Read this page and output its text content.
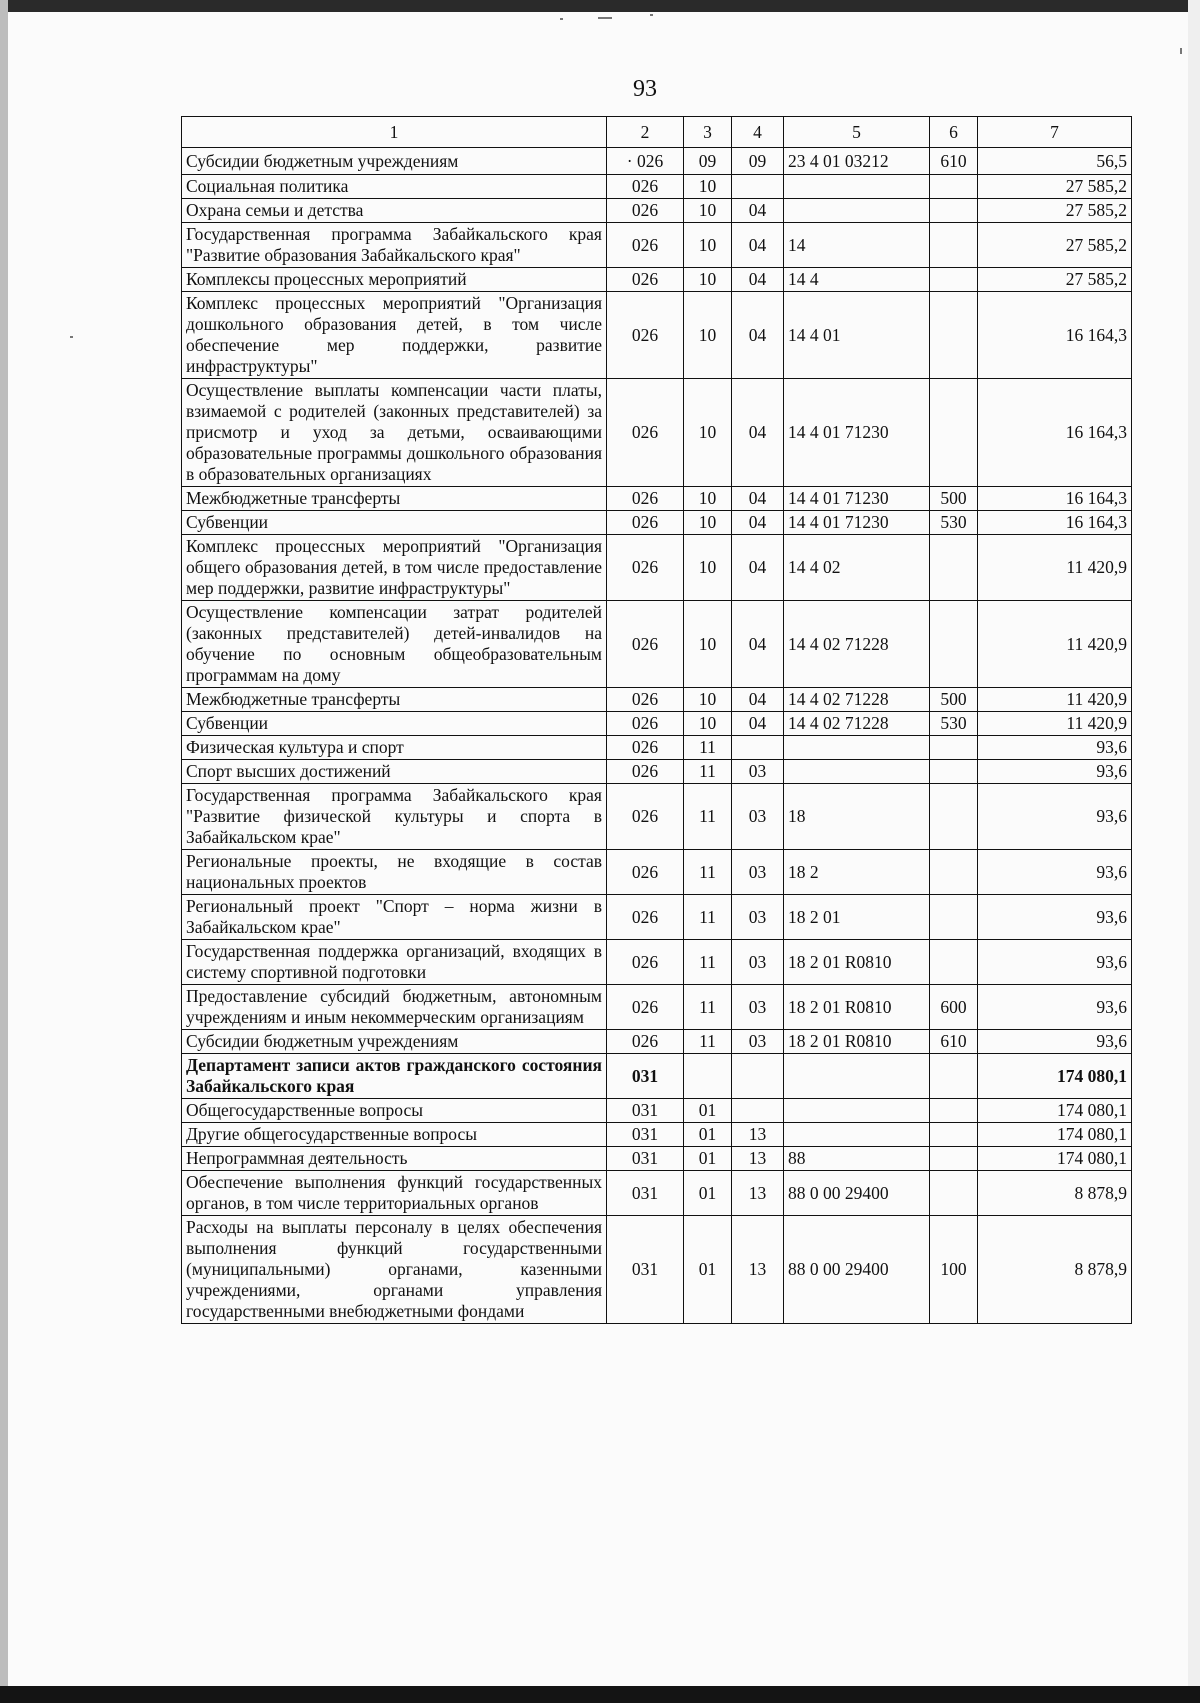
93
1	2	3	4	5	6	7
Субсидии бюджетным учреждениям	· 026	09	09	23 4 01 03212	610	56,5
Социальная политика	026	10				27 585,2
Охрана семьи и детства	026	10	04			27 585,2
Государственная программа Забайкальского края "Развитие образования Забайкальского края"	026	10	04	14		27 585,2
Комплексы процессных мероприятий	026	10	04	14 4		27 585,2
Комплекс процессных мероприятий "Организация дошкольного образования детей, в том числе обеспечение мер поддержки, развитие инфраструктуры"	026	10	04	14 4 01		16 164,3
Осуществление выплаты компенсации части платы, взимаемой с родителей (законных представителей) за присмотр и уход за детьми, осваивающими образовательные программы дошкольного образования в образовательных организациях	026	10	04	14 4 01 71230		16 164,3
Межбюджетные трансферты	026	10	04	14 4 01 71230	500	16 164,3
Субвенции	026	10	04	14 4 01 71230	530	16 164,3
Комплекс процессных мероприятий "Организация общего образования детей, в том числе предоставление мер поддержки, развитие инфраструктуры"	026	10	04	14 4 02		11 420,9
Осуществление компенсации затрат родителей (законных представителей) детей-инвалидов на обучение по основным общеобразовательным программам на дому	026	10	04	14 4 02 71228		11 420,9
Межбюджетные трансферты	026	10	04	14 4 02 71228	500	11 420,9
Субвенции	026	10	04	14 4 02 71228	530	11 420,9
Физическая культура и спорт	026	11				93,6
Спорт высших достижений	026	11	03			93,6
Государственная программа Забайкальского края "Развитие физической культуры и спорта в Забайкальском крае"	026	11	03	18		93,6
Региональные проекты, не входящие в состав национальных проектов	026	11	03	18 2		93,6
Региональный проект "Спорт – норма жизни в Забайкальском крае"	026	11	03	18 2 01		93,6
Государственная поддержка организаций, входящих в систему спортивной подготовки	026	11	03	18 2 01 R0810		93,6
Предоставление субсидий бюджетным, автономным учреждениям и иным некоммерческим организациям	026	11	03	18 2 01 R0810	600	93,6
Субсидии бюджетным учреждениям	026	11	03	18 2 01 R0810	610	93,6
Департамент записи актов гражданского состояния Забайкальского края	031					174 080,1
Общегосударственные вопросы	031	01				174 080,1
Другие общегосударственные вопросы	031	01	13			174 080,1
Непрограммная деятельность	031	01	13	88		174 080,1
Обеспечение выполнения функций государственных органов, в том числе территориальных органов	031	01	13	88 0 00 29400		8 878,9
Расходы на выплаты персоналу в целях обеспечения выполнения функций государственными (муниципальными) органами, казенными учреждениями, органами управления государственными внебюджетными фондами	031	01	13	88 0 00 29400	100	8 878,9
